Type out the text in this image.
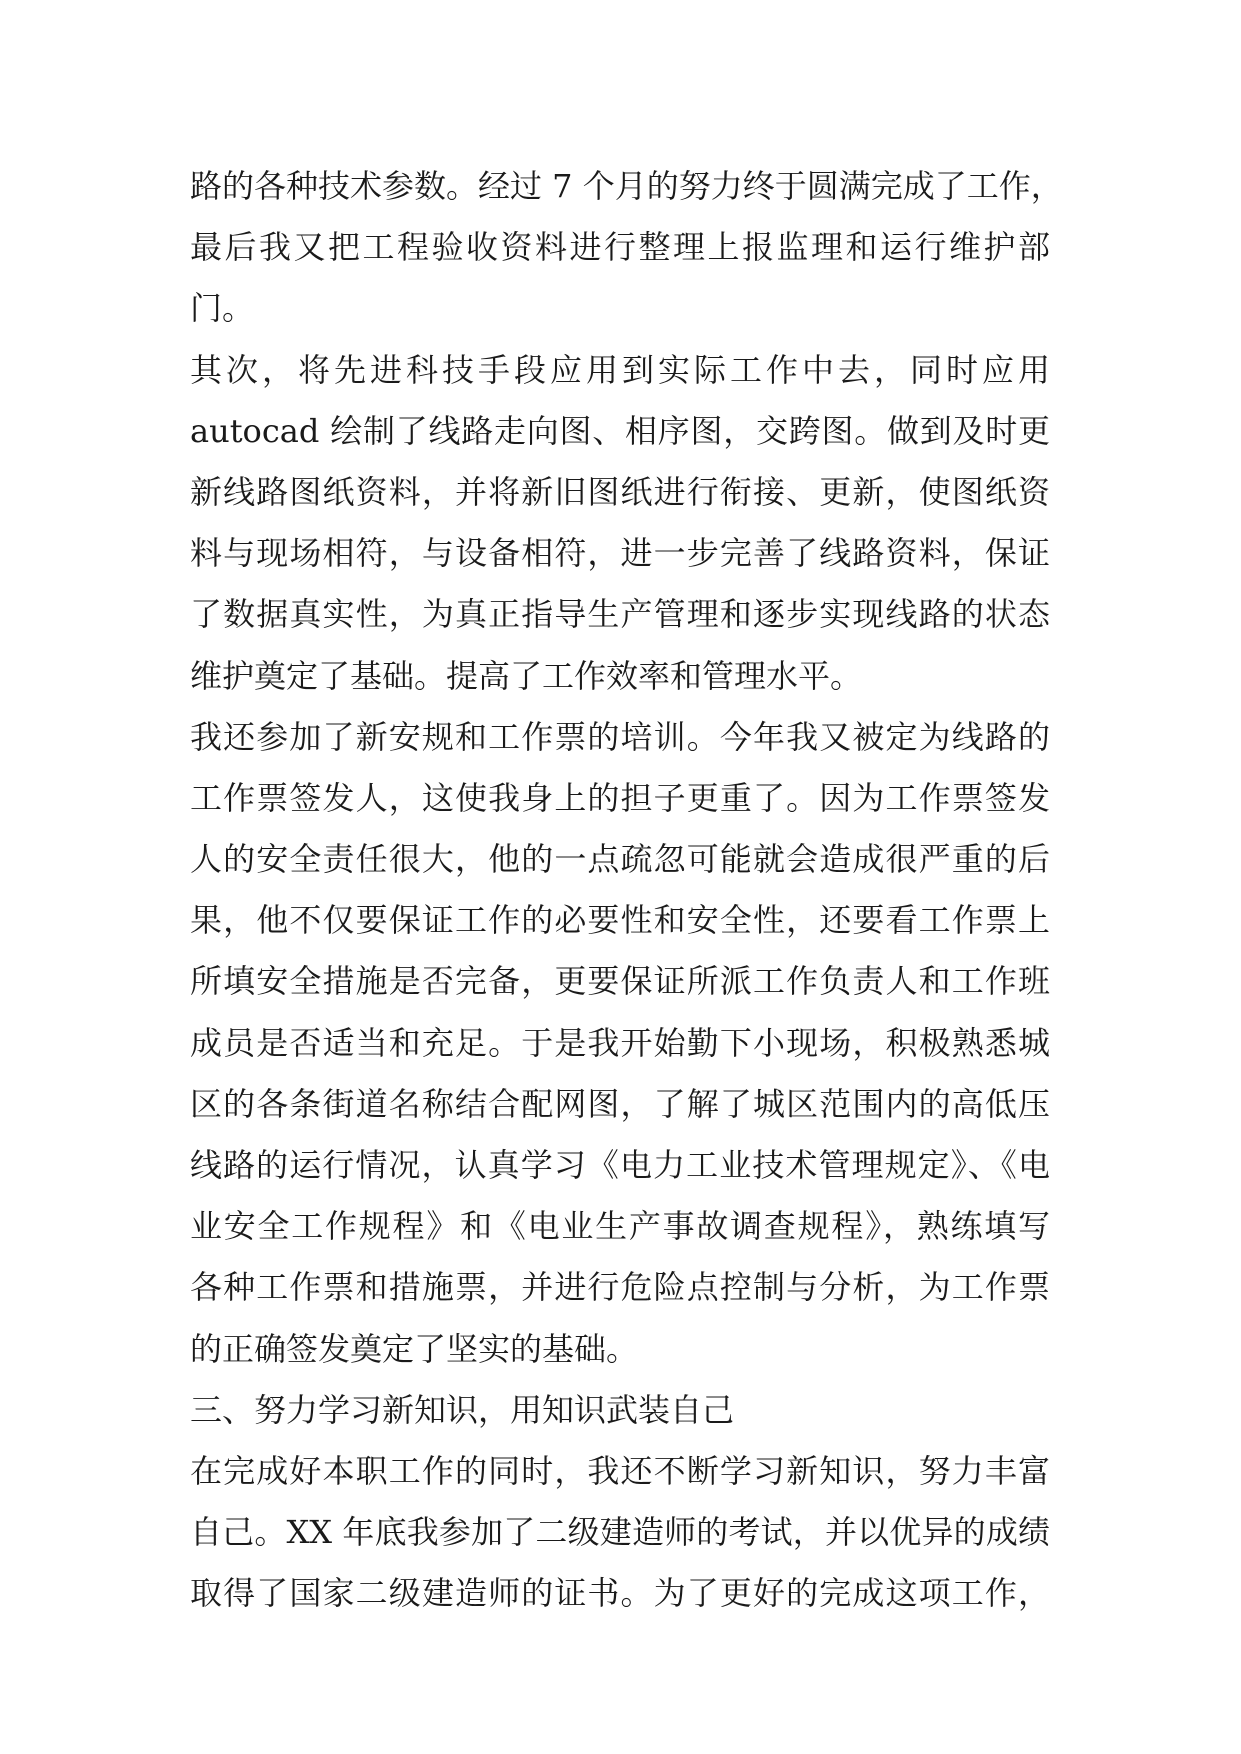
路的各种技术参数。经过 7 个月的努力终于圆满完成了工作，
最后我又把工程验收资料进行整理上报监理和运行维护部
门。
其次，将先进科技手段应用到实际工作中去，同时应用
autocad 绘制了线路走向图、相序图，交跨图。做到及时更
新线路图纸资料，并将新旧图纸进行衔接、更新，使图纸资
料与现场相符，与设备相符，进一步完善了线路资料，保证
了数据真实性，为真正指导生产管理和逐步实现线路的状态
维护奠定了基础。提高了工作效率和管理水平。
我还参加了新安规和工作票的培训。今年我又被定为线路的
工作票签发人，这使我身上的担子更重了。因为工作票签发
人的安全责任很大，他的一点疏忽可能就会造成很严重的后
果，他不仅要保证工作的必要性和安全性，还要看工作票上
所填安全措施是否完备，更要保证所派工作负责人和工作班
成员是否适当和充足。于是我开始勤下小现场，积极熟悉城
区的各条街道名称结合配网图，了解了城区范围内的高低压
线路的运行情况，认真学习《电力工业技术管理规定》、《电
业安全工作规程》和《电业生产事故调查规程》，熟练填写
各种工作票和措施票，并进行危险点控制与分析，为工作票
的正确签发奠定了坚实的基础。
三、努力学习新知识，用知识武装自己
在完成好本职工作的同时，我还不断学习新知识，努力丰富
自己。XX 年底我参加了二级建造师的考试，并以优异的成绩
取得了国家二级建造师的证书。为了更好的完成这项工作，
